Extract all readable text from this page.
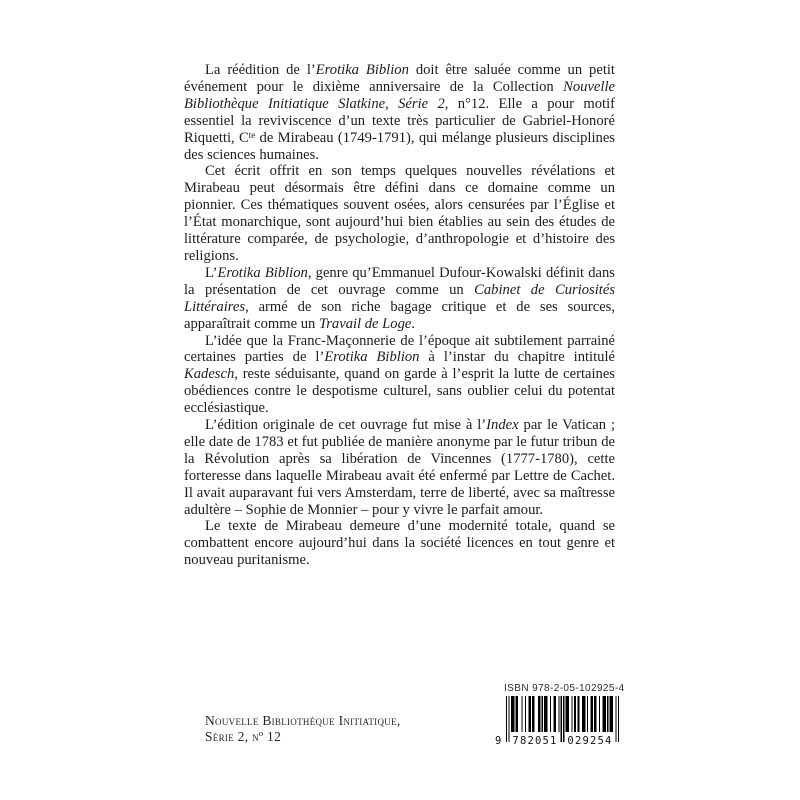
La réédition de l’Erotika Biblion doit être saluée comme un petit événement pour le dixième anniversaire de la Collection Nouvelle Bibliothèque Initiatique Slatkine, Série 2, n°12. Elle a pour motif essentiel la reviviscence d’un texte très particulier de Gabriel-Honoré Riquetti, $C^{te}$ de Mirabeau (1749-1791), qui mélange plusieurs disciplines des sciences humaines.

Cet écrit offrit en son temps quelques nouvelles révélations et Mirabeau peut désormais être défini dans ce domaine comme un pionnier. Ces thématiques souvent osées, alors censurées par l’Église et l’État monarchique, sont aujourd’hui bien établies au sein des études de littérature comparée, de psychologie, d’anthropologie et d’histoire des religions.

L’Erotika Biblion, genre qu’Emmanuel Dufour-Kowalski définit dans la présentation de cet ouvrage comme un Cabinet de Curiosités Littéraires, armé de son riche bagage critique et de ses sources, apparaîtrait comme un Travail de Loge.

L’idée que la Franc-Maçonnerie de l’époque ait subtilement parrainé certaines parties de l’Erotika Biblion à l’instar du chapitre intitulé Kadesch, reste séduisante, quand on garde à l’esprit la lutte de certaines obédiences contre le despotisme culturel, sans oublier celui du potentat ecclésiastique.

L’édition originale de cet ouvrage fut mise à l’Index par le Vatican ; elle date de 1783 et fut publiée de manière anonyme par le futur tribun de la Révolution après sa libération de Vincennes (1777-1780), cette forteresse dans laquelle Mirabeau avait été enfermé par Lettre de Cachet. Il avait auparavant fui vers Amsterdam, terre de liberté, avec sa maîtresse adultère – Sophie de Monnier – pour y vivre le parfait amour.

Le texte de Mirabeau demeure d’une modernité totale, quand se combattent encore aujourd’hui dans la société licences en tout genre et nouveau puritanisme.

Nouvelle Bibliothèque Initiatique,
Série 2, nº 12
ISBN 978-2-05-102925-4
9 782051 029254
